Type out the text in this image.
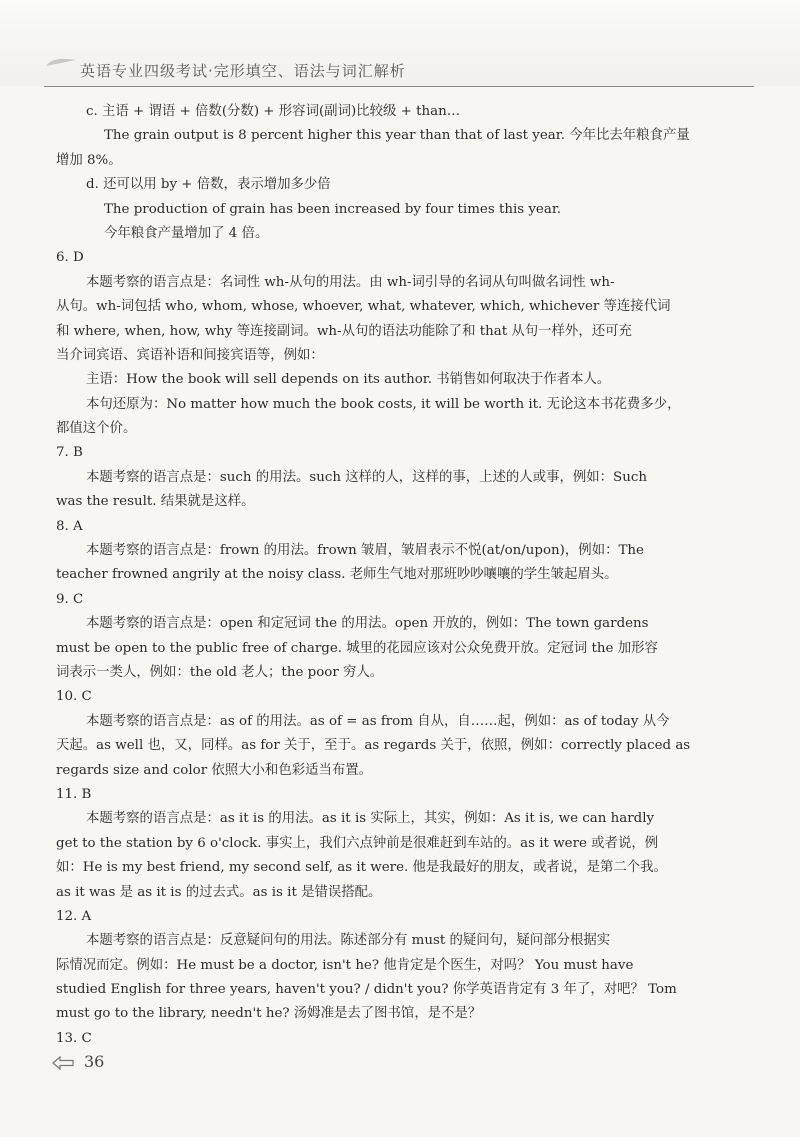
英语专业四级考试·完形填空、语法与词汇解析
c. 主语 + 谓语 + 倍数(分数) + 形容词(副词)比较级 + than…
The grain output is 8 percent higher this year than that of last year. 今年比去年粮食产量
增加 8%。
d. 还可以用 by + 倍数，表示增加多少倍
The production of grain has been increased by four times this year.
今年粮食产量增加了 4 倍。
6. D
本题考察的语言点是：名词性 wh-从句的用法。由 wh-词引导的名词从句叫做名词性 wh-
从句。wh-词包括 who, whom, whose, whoever, what, whatever, which, whichever 等连接代词
和 where, when, how, why 等连接副词。wh-从句的语法功能除了和 that 从句一样外，还可充
当介词宾语、宾语补语和间接宾语等，例如：
主语：How the book will sell depends on its author. 书销售如何取决于作者本人。
本句还原为：No matter how much the book costs, it will be worth it. 无论这本书花费多少，
都值这个价。
7. B
本题考察的语言点是：such 的用法。such 这样的人，这样的事，上述的人或事，例如：Such
was the result. 结果就是这样。
8. A
本题考察的语言点是：frown 的用法。frown 皱眉，皱眉表示不悦(at/on/upon)，例如：The
teacher frowned angrily at the noisy class. 老师生气地对那班吵吵嚷嚷的学生皱起眉头。
9. C
本题考察的语言点是：open 和定冠词 the 的用法。open 开放的，例如：The town gardens
must be open to the public free of charge. 城里的花园应该对公众免费开放。定冠词 the 加形容
词表示一类人，例如：the old 老人；the poor 穷人。
10. C
本题考察的语言点是：as of 的用法。as of = as from 自从，自……起，例如：as of today 从今
天起。as well 也，又，同样。as for 关于，至于。as regards 关于，依照，例如：correctly placed as
regards size and color 依照大小和色彩适当布置。
11. B
本题考察的语言点是：as it is 的用法。as it is 实际上，其实，例如：As it is, we can hardly
get to the station by 6 o'clock. 事实上，我们六点钟前是很难赶到车站的。as it were 或者说，例
如：He is my best friend, my second self, as it were. 他是我最好的朋友，或者说，是第二个我。
as it was 是 as it is 的过去式。as is it 是错误搭配。
12. A
本题考察的语言点是：反意疑问句的用法。陈述部分有 must 的疑问句，疑问部分根据实
际情况而定。例如：He must be a doctor, isn't he? 他肯定是个医生，对吗？ You must have
studied English for three years, haven't you? / didn't you? 你学英语肯定有 3 年了，对吧？ Tom
must go to the library, needn't he? 汤姆准是去了图书馆，是不是？
13. C
36
